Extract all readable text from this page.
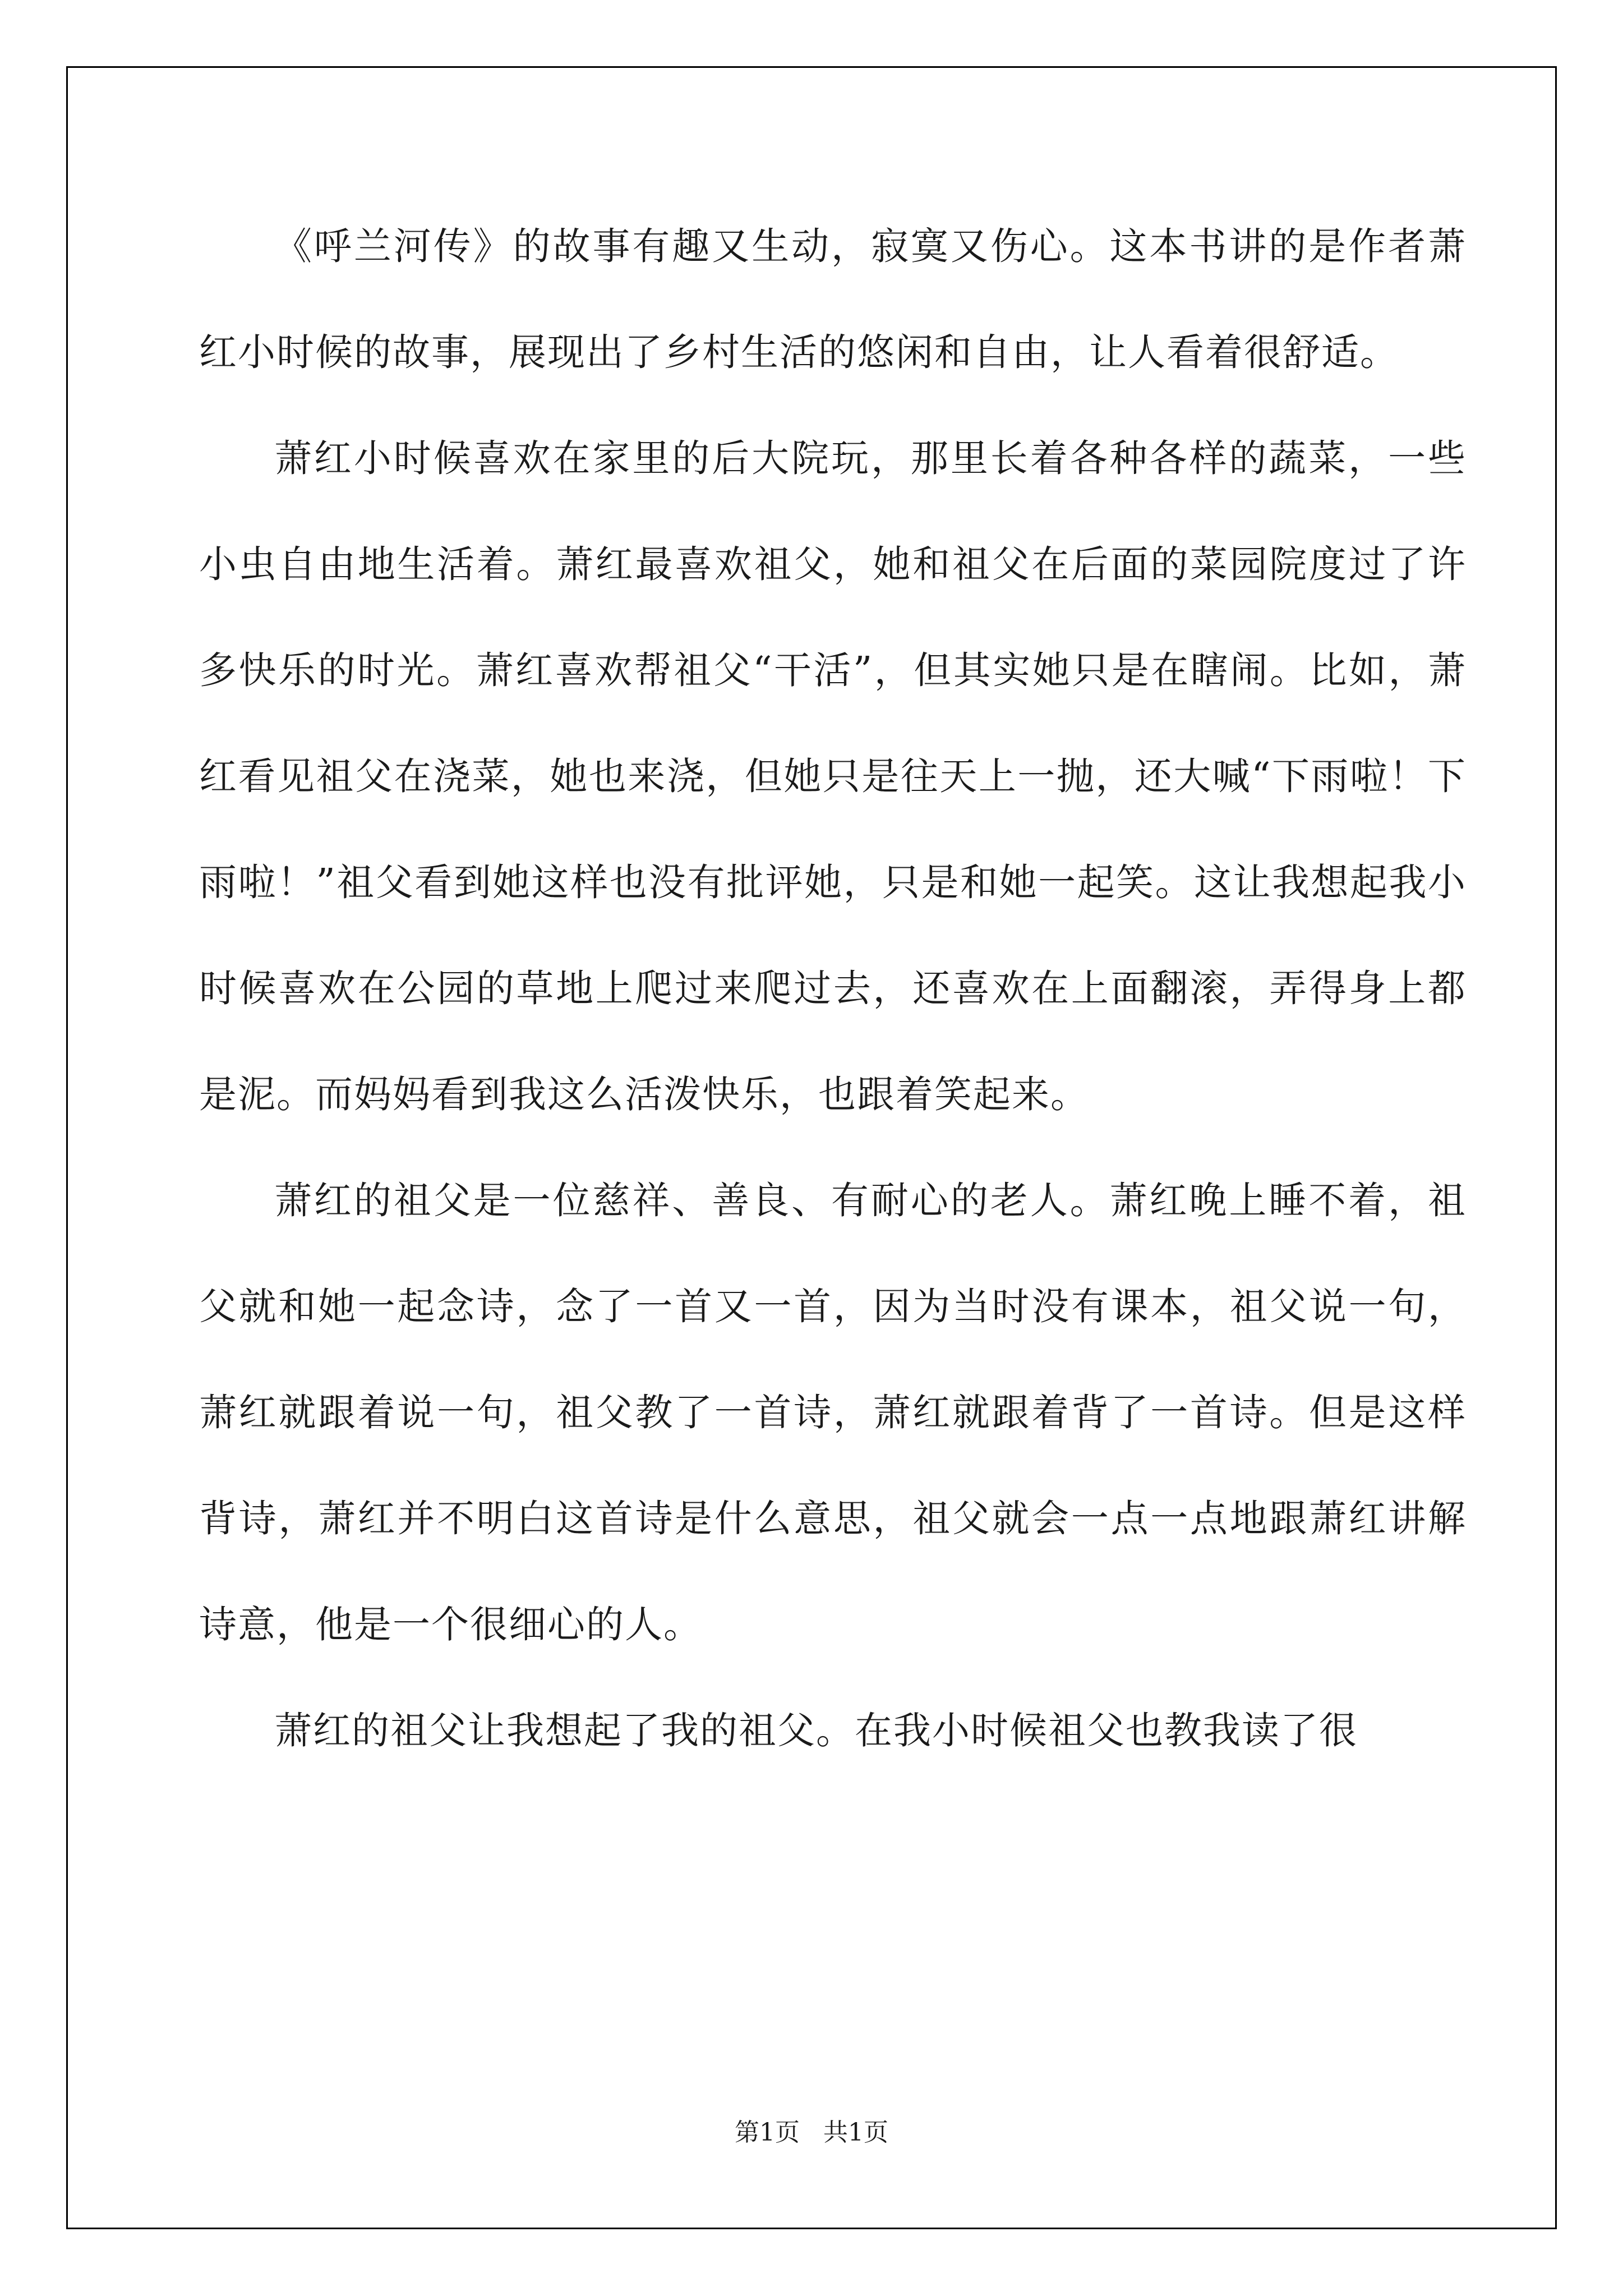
《呼兰河传》的故事有趣又生动，寂寞又伤心。这本书讲的是作者萧红小时候的故事，展现出了乡村生活的悠闲和自由，让人看着很舒适。

萧红小时候喜欢在家里的后大院玩，那里长着各种各样的蔬菜，一些小虫自由地生活着。萧红最喜欢祖父，她和祖父在后面的菜园院度过了许多快乐的时光。萧红喜欢帮祖父“干活”，但其实她只是在瞎闹。比如，萧红看见祖父在浇菜，她也来浇，但她只是往天上一抛，还大喊“下雨啦！下雨啦！”祖父看到她这样也没有批评她，只是和她一起笑。这让我想起我小时候喜欢在公园的草地上爬过来爬过去，还喜欢在上面翻滚，弄得身上都是泥。而妈妈看到我这么活泼快乐，也跟着笑起来。

萧红的祖父是一位慈祥、善良、有耐心的老人。萧红晚上睡不着，祖父就和她一起念诗，念了一首又一首，因为当时没有课本，祖父说一句，萧红就跟着说一句，祖父教了一首诗，萧红就跟着背了一首诗。但是这样背诗，萧红并不明白这首诗是什么意思，祖父就会一点一点地跟萧红讲解诗意，他是一个很细心的人。

萧红的祖父让我想起了我的祖父。在我小时候祖父也教我读了很

第1页   共1页
